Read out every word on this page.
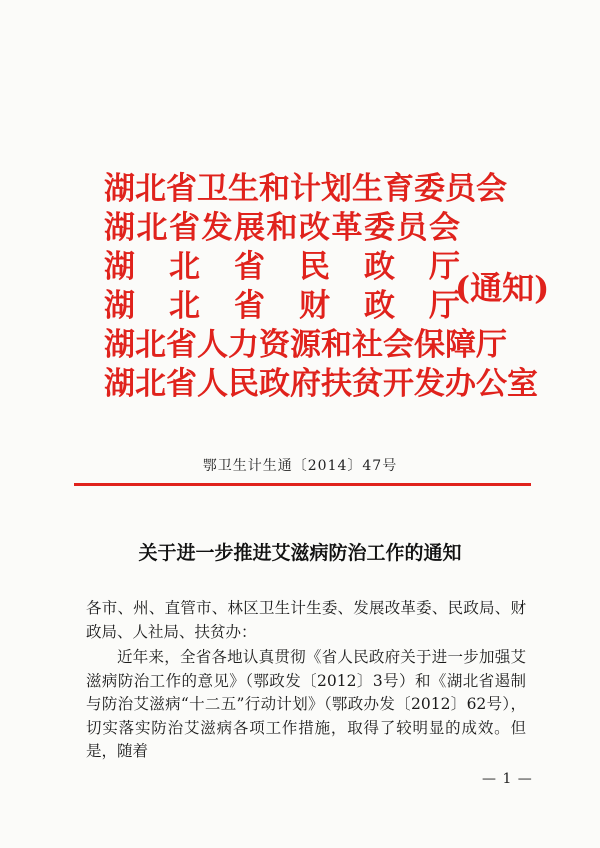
湖北省卫生和计划生育委员会
湖北省发展和改革委员会
湖北省民政厅
湖北省财政厅
湖北省人力资源和社会保障厅
湖北省人民政府扶贫开发办公室
(通知)
鄂卫生计生通〔2014〕47号
关于进一步推进艾滋病防治工作的通知

各市、州、直管市、林区卫生计生委、发展改革委、民政局、财政局、人社局、扶贫办：

近年来，全省各地认真贯彻《省人民政府关于进一步加强艾滋病防治工作的意见》（鄂政发〔2012〕3号）和《湖北省遏制与防治艾滋病“十二五”行动计划》（鄂政办发〔2012〕62号），切实落实防治艾滋病各项工作措施，取得了较明显的成效。但是，随着

— 1 —
